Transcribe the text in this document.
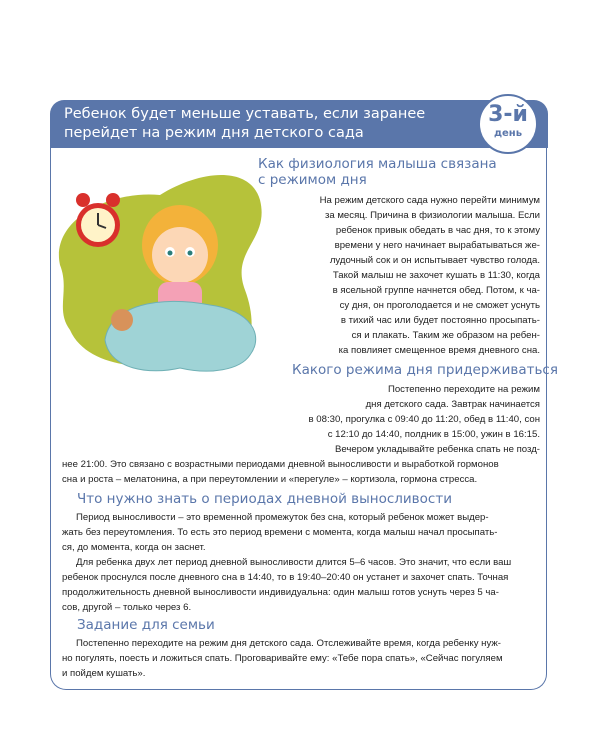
Ребенок будет меньше уставать, если заранее
перейдет на режим дня детского сада
3-й
день
Как физиология малыша связана
с режимом дня
На режим детского сада нужно перейти минимум
за месяц. Причина в физиологии малыша. Если
ребенок привык обедать в час дня, то к этому
времени у него начинает вырабатываться же-
лудочный сок и он испытывает чувство голода.
Такой малыш не захочет кушать в 11:30, когда
в ясельной группе начнется обед. Потом, к ча-
су дня, он проголодается и не сможет уснуть
в тихий час или будет постоянно просыпать-
ся и плакать. Таким же образом на ребен-
ка повлияет смещенное время дневного сна.
Какого режима дня придерживаться
Постепенно переходите на режим
дня детского сада. Завтрак начинается
в 08:30, прогулка с 09:40 до 11:20, обед в 11:40, сон
с 12:10 до 14:40, полдник в 15:00, ужин в 16:15.
Вечером укладывайте ребенка спать не позд-
нее 21:00. Это связано с возрастными периодами дневной выносливости и выработкой гормонов
сна и роста – мелатонина, а при переутомлении и «перегуле» – кортизола, гормона стресса.
Что нужно знать о периодах дневной выносливости
Период выносливости – это временной промежуток без сна, который ребенок может выдер-
жать без переутомления. То есть это период времени с момента, когда малыш начал просыпать-
ся, до момента, когда он заснет.
Для ребенка двух лет период дневной выносливости длится 5–6 часов. Это значит, что если ваш
ребенок проснулся после дневного сна в 14:40, то в 19:40–20:40 он устанет и захочет спать. Точная
продолжительность дневной выносливости индивидуальна: один малыш готов уснуть через 5 ча-
сов, другой – только через 6.
Задание для семьи
Постепенно переходите на режим дня детского сада. Отслеживайте время, когда ребенку нуж-
но погулять, поесть и ложиться спать. Проговаривайте ему: «Тебе пора спать», «Сейчас погуляем
и пойдем кушать».
